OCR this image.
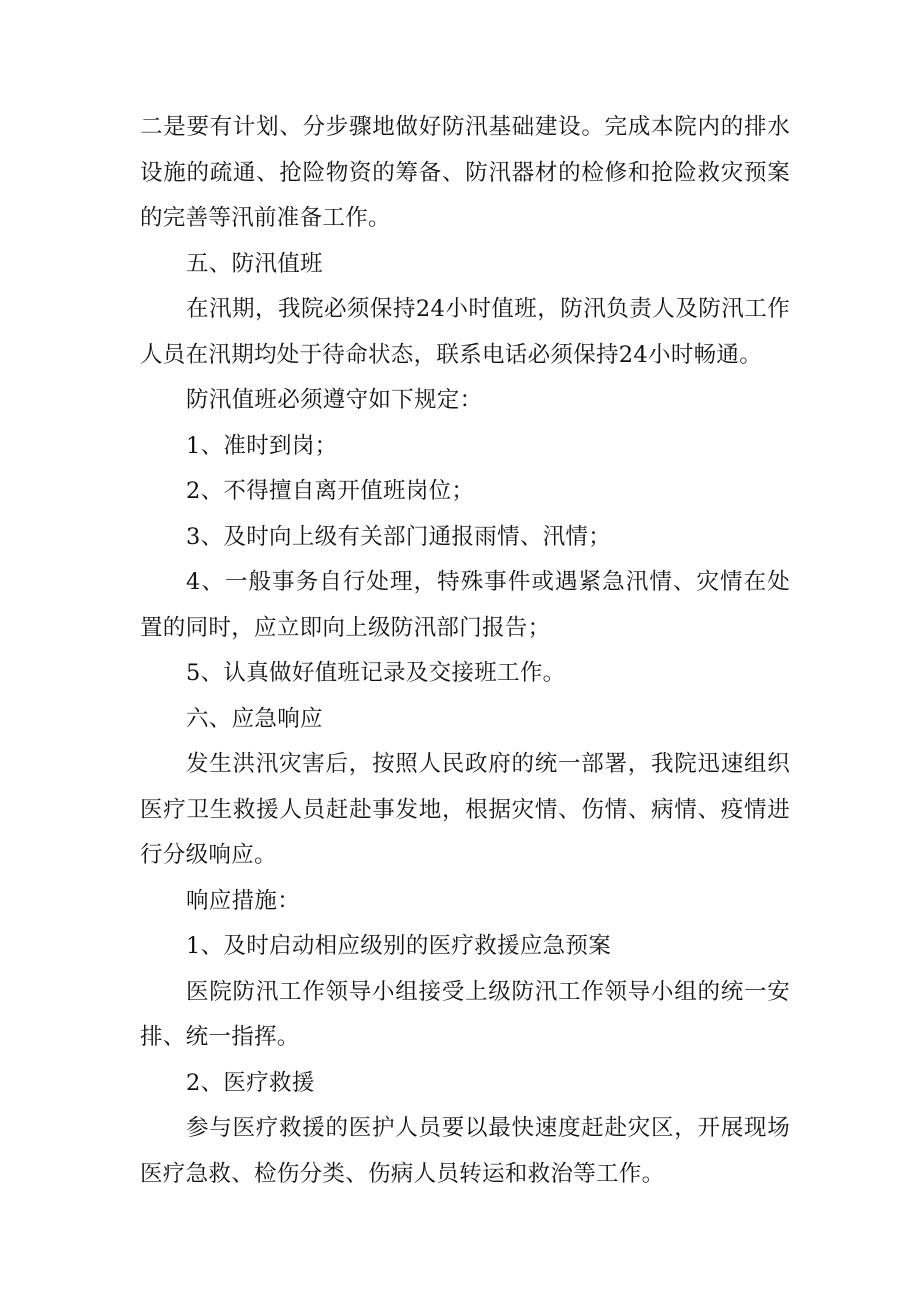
二是要有计划、分步骤地做好防汛基础建设。完成本院内的排水设施的疏通、抢险物资的筹备、防汛器材的检修和抢险救灾预案的完善等汛前准备工作。

五、防汛值班

在汛期，我院必须保持24小时值班，防汛负责人及防汛工作人员在汛期均处于待命状态，联系电话必须保持24小时畅通。

防汛值班必须遵守如下规定：

1、准时到岗；

2、不得擅自离开值班岗位；

3、及时向上级有关部门通报雨情、汛情；

4、一般事务自行处理，特殊事件或遇紧急汛情、灾情在处置的同时，应立即向上级防汛部门报告；

5、认真做好值班记录及交接班工作。

六、应急响应

发生洪汛灾害后，按照人民政府的统一部署，我院迅速组织医疗卫生救援人员赶赴事发地，根据灾情、伤情、病情、疫情进行分级响应。

响应措施：

1、及时启动相应级别的医疗救援应急预案

医院防汛工作领导小组接受上级防汛工作领导小组的统一安排、统一指挥。

2、医疗救援

参与医疗救援的医护人员要以最快速度赶赴灾区，开展现场医疗急救、检伤分类、伤病人员转运和救治等工作。
